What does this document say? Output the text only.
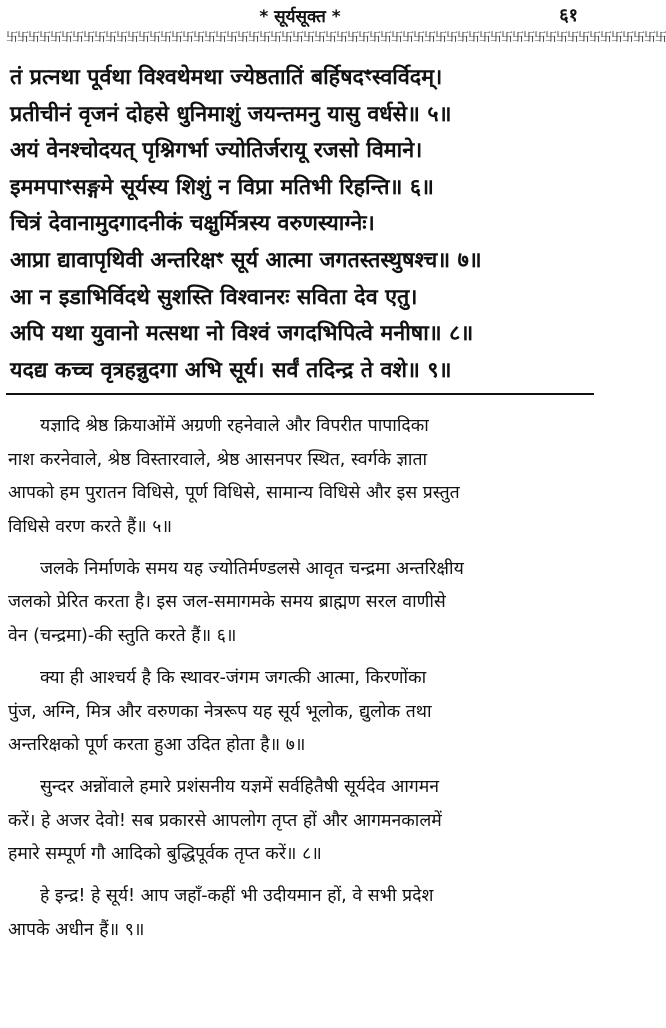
* सूर्यसूक्त *	६१
卐卐卐卐卐卐卐卐卐卐卐卐卐卐卐卐卐卐卐卐卐卐卐卐卐卐卐卐卐卐卐卐卐卐卐卐卐卐卐卐卐卐卐卐卐卐卐卐卐卐卐卐卐卐卐卐卐卐卐卐
तं प्रत्नथा पूर्वथा विश्वथेमथा ज्येष्ठतातिं बर्हिषदꣳस्वर्विदम्।
प्रतीचीनं वृजनं दोहसे धुनिमाशुं जयन्तमनु यासु वर्धसे॥ ५॥
अयं वेनश्चोदयत् पृश्निगर्भा ज्योतिर्जरायू रजसो विमाने।
इममपाꣳसङ्गमे सूर्यस्य शिशुं न विप्रा मतिभी रिहन्ति॥ ६॥
चित्रं देवानामुदगादनीकं चक्षुर्मित्रस्य वरुणस्याग्नेः।
आप्रा द्यावापृथिवी अन्तरिक्षꣳ सूर्य आत्मा जगतस्तस्थुषश्च॥ ७॥
आ न इडाभिर्विदथे सुशस्ति विश्वानरः सविता देव एतु।
अपि यथा युवानो मत्सथा नो विश्वं जगदभिपित्वे मनीषा॥ ८॥
यदद्य कच्च वृत्रहन्नुदगा अभि सूर्य। सर्वं तदिन्द्र ते वशे॥ ९॥
यज्ञादि श्रेष्ठ क्रियाओंमें अग्रणी रहनेवाले और विपरीत पापादिका
नाश करनेवाले, श्रेष्ठ विस्तारवाले, श्रेष्ठ आसनपर स्थित, स्वर्गके ज्ञाता
आपको हम पुरातन विधिसे, पूर्ण विधिसे, सामान्य विधिसे और इस प्रस्तुत
विधिसे वरण करते हैं॥ ५॥
जलके निर्माणके समय यह ज्योतिर्मण्डलसे आवृत चन्द्रमा अन्तरिक्षीय
जलको प्रेरित करता है। इस जल-समागमके समय ब्राह्मण सरल वाणीसे
वेन (चन्द्रमा)-की स्तुति करते हैं॥ ६॥
क्या ही आश्चर्य है कि स्थावर-जंगम जगत्की आत्मा, किरणोंका
पुंज, अग्नि, मित्र और वरुणका नेत्ररूप यह सूर्य भूलोक, द्युलोक तथा
अन्तरिक्षको पूर्ण करता हुआ उदित होता है॥ ७॥
सुन्दर अन्नोंवाले हमारे प्रशंसनीय यज्ञमें सर्वहितैषी सूर्यदेव आगमन
करें। हे अजर देवो! सब प्रकारसे आपलोग तृप्त हों और आगमनकालमें
हमारे सम्पूर्ण गौ आदिको बुद्धिपूर्वक तृप्त करें॥ ८॥
हे इन्द्र! हे सूर्य! आप जहाँ-कहीं भी उदीयमान हों, वे सभी प्रदेश
आपके अधीन हैं॥ ९॥
